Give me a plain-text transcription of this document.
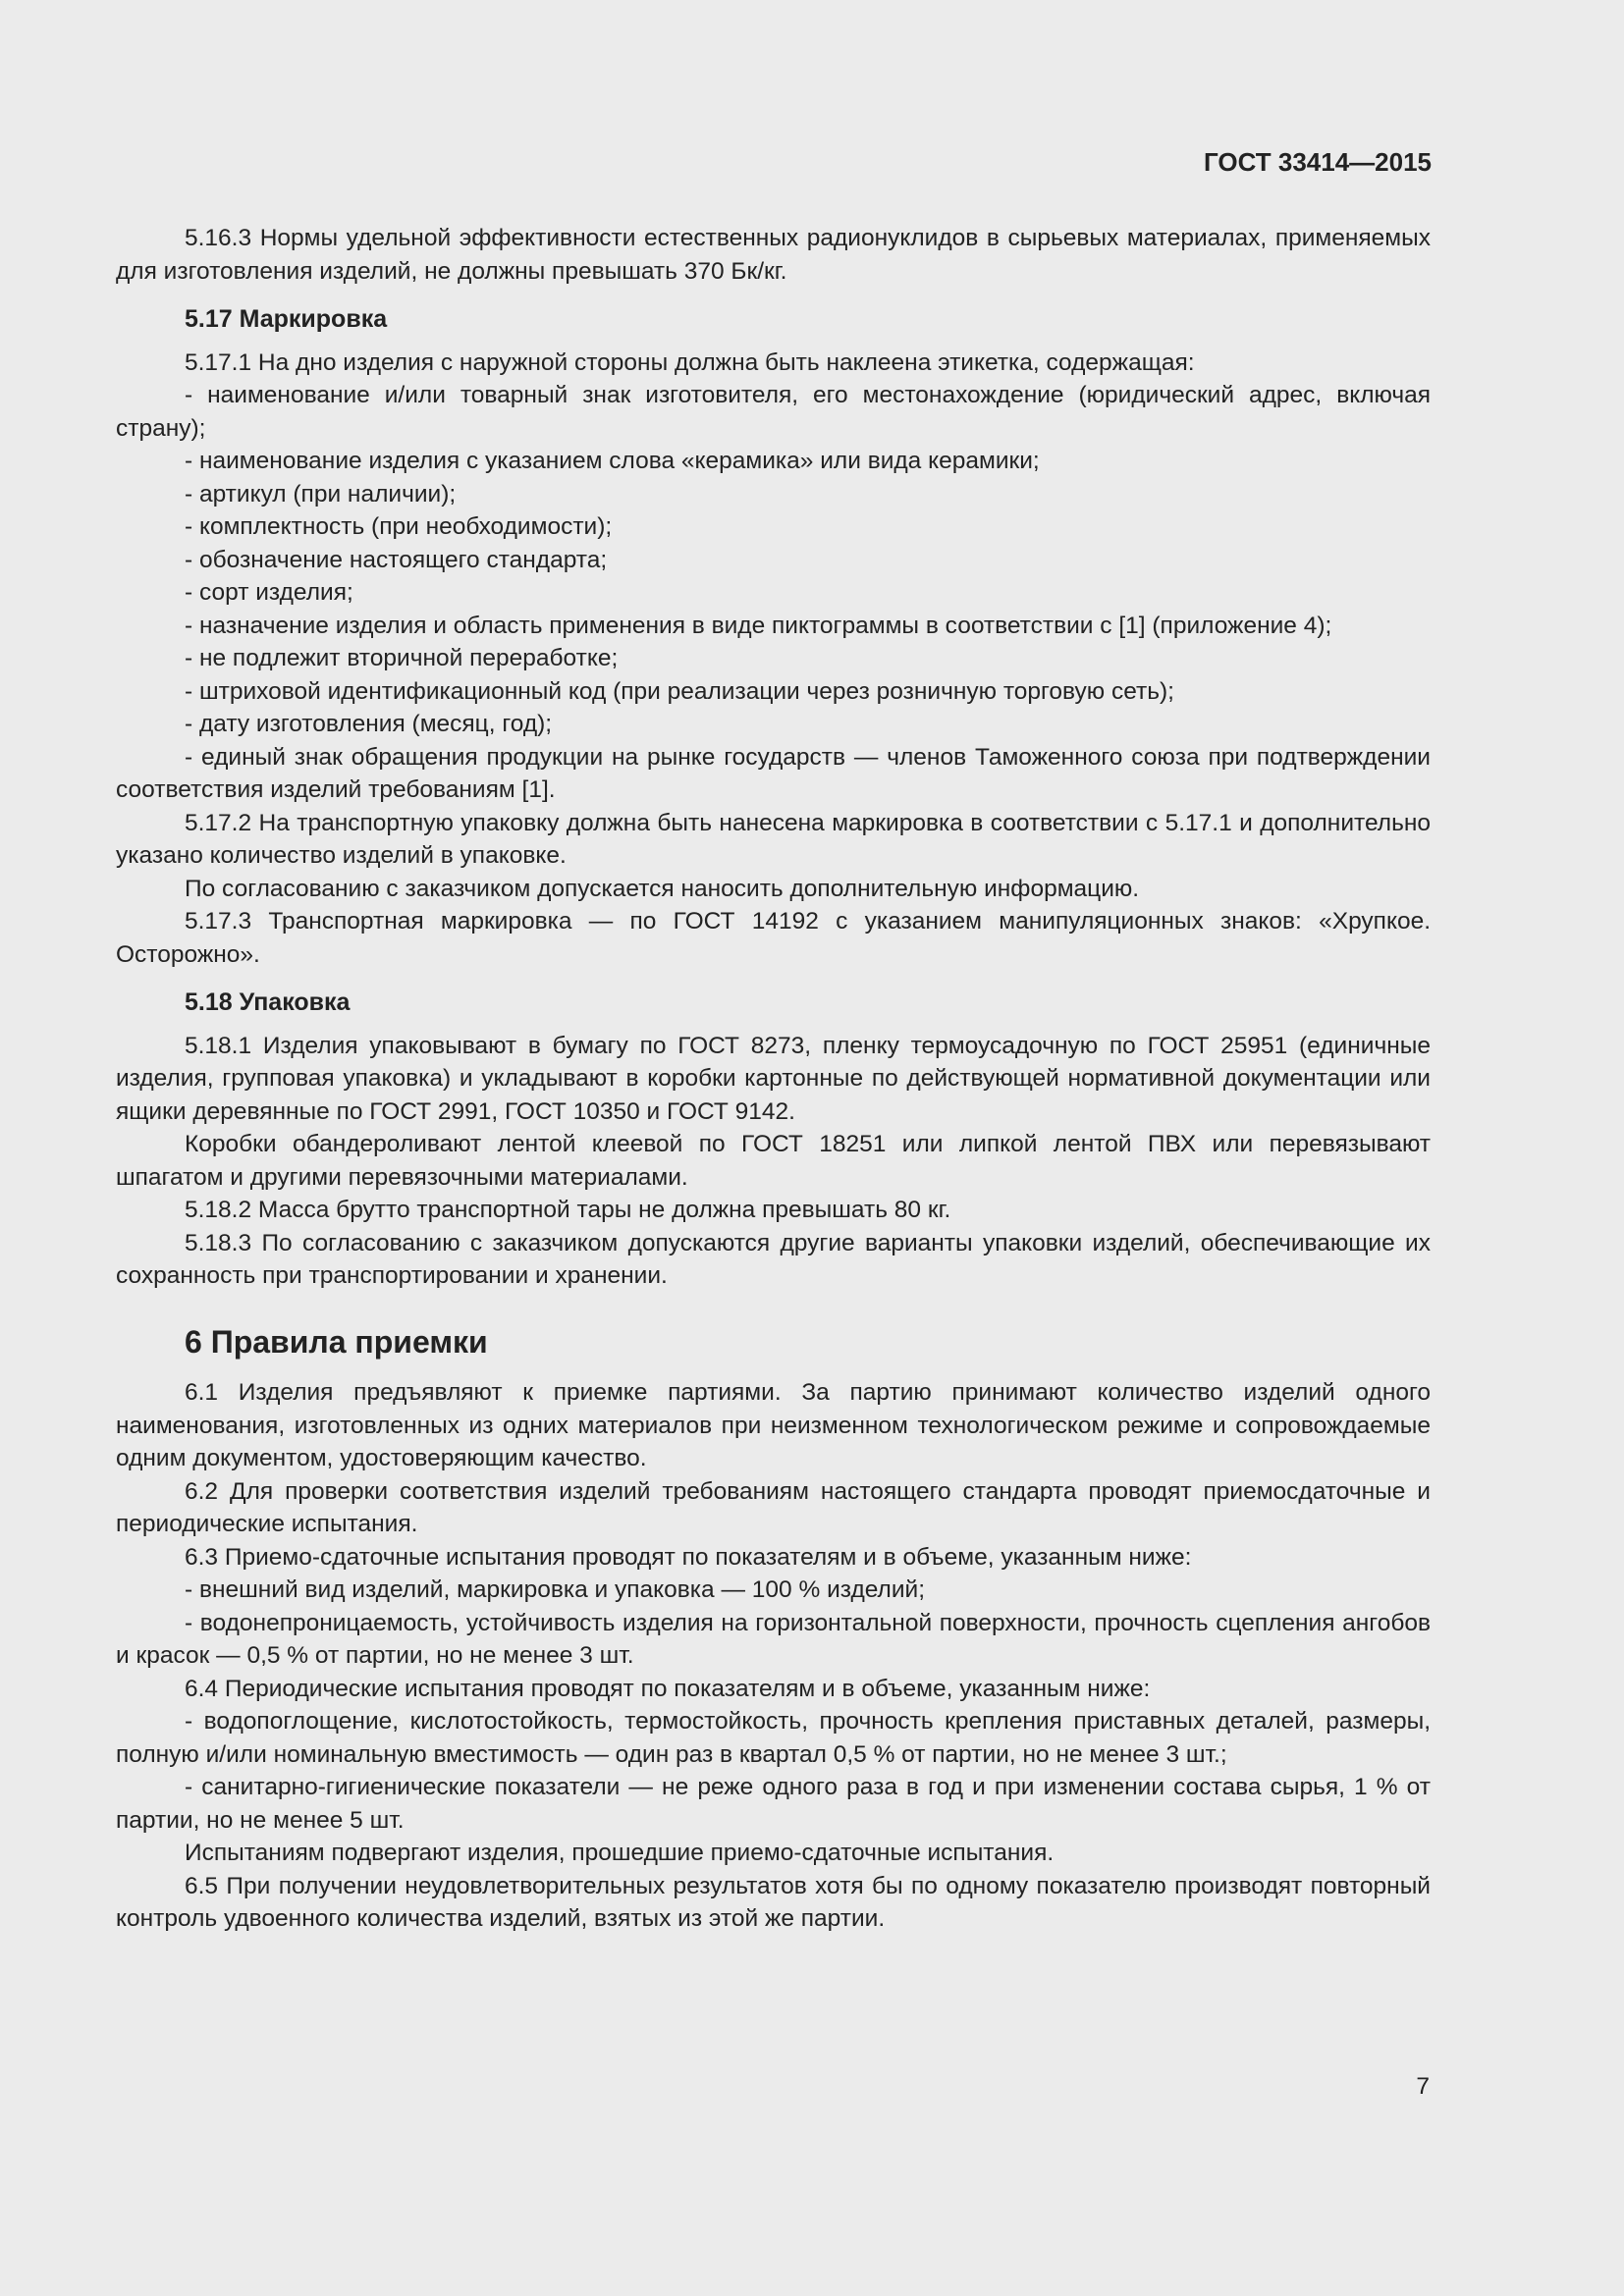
ГОСТ 33414—2015

5.16.3 Нормы удельной эффективности естественных радионуклидов в сырьевых материалах, применяемых для изготовления изделий, не должны превышать 370 Бк/кг.

5.17 Маркировка

5.17.1 На дно изделия с наружной стороны должна быть наклеена этикетка, содержащая:

- наименование и/или товарный знак изготовителя, его местонахождение (юридический адрес, включая страну);

- наименование изделия с указанием слова «керамика» или вида керамики;

- артикул (при наличии);

- комплектность (при необходимости);

- обозначение настоящего стандарта;

- сорт изделия;

- назначение изделия и область применения в виде пиктограммы в соответствии с [1] (приложение 4);

- не подлежит вторичной переработке;

- штриховой идентификационный код (при реализации через розничную торговую сеть);

- дату изготовления (месяц, год);

- единый знак обращения продукции на рынке государств — членов Таможенного союза при подтверждении соответствия изделий требованиям [1].

5.17.2 На транспортную упаковку должна быть нанесена маркировка в соответствии с 5.17.1 и дополнительно указано количество изделий в упаковке.

По согласованию с заказчиком допускается наносить дополнительную информацию.

5.17.3 Транспортная маркировка — по ГОСТ 14192 с указанием манипуляционных знаков: «Хрупкое. Осторожно».

5.18 Упаковка

5.18.1 Изделия упаковывают в бумагу по ГОСТ 8273, пленку термоусадочную по ГОСТ 25951 (единичные изделия, групповая упаковка) и укладывают в коробки картонные по действующей нормативной документации или ящики деревянные по ГОСТ 2991, ГОСТ 10350 и ГОСТ 9142.

Коробки обандероливают лентой клеевой по ГОСТ 18251 или липкой лентой ПВХ или перевязывают шпагатом и другими перевязочными материалами.

5.18.2 Масса брутто транспортной тары не должна превышать 80 кг.

5.18.3 По согласованию с заказчиком допускаются другие варианты упаковки изделий, обеспечивающие их сохранность при транспортировании и хранении.

6 Правила приемки

6.1 Изделия предъявляют к приемке партиями. За партию принимают количество изделий одного наименования, изготовленных из одних материалов при неизменном технологическом режиме и сопровождаемые одним документом, удостоверяющим качество.

6.2 Для проверки соответствия изделий требованиям настоящего стандарта проводят приемосдаточные и периодические испытания.

6.3 Приемо-сдаточные испытания проводят по показателям и в объеме, указанным ниже:

- внешний вид изделий, маркировка и упаковка — 100 % изделий;

- водонепроницаемость, устойчивость изделия на горизонтальной поверхности, прочность сцепления ангобов и красок — 0,5 % от партии, но не менее 3 шт.

6.4 Периодические испытания проводят по показателям и в объеме, указанным ниже:

- водопоглощение, кислотостойкость, термостойкость, прочность крепления приставных деталей, размеры, полную и/или номинальную вместимость — один раз в квартал 0,5 % от партии, но не менее 3 шт.;

- санитарно-гигиенические показатели — не реже одного раза в год и при изменении состава сырья, 1 % от партии, но не менее 5 шт.

Испытаниям подвергают изделия, прошедшие приемо-сдаточные испытания.

6.5 При получении неудовлетворительных результатов хотя бы по одному показателю производят повторный контроль удвоенного количества изделий, взятых из этой же партии.

7
